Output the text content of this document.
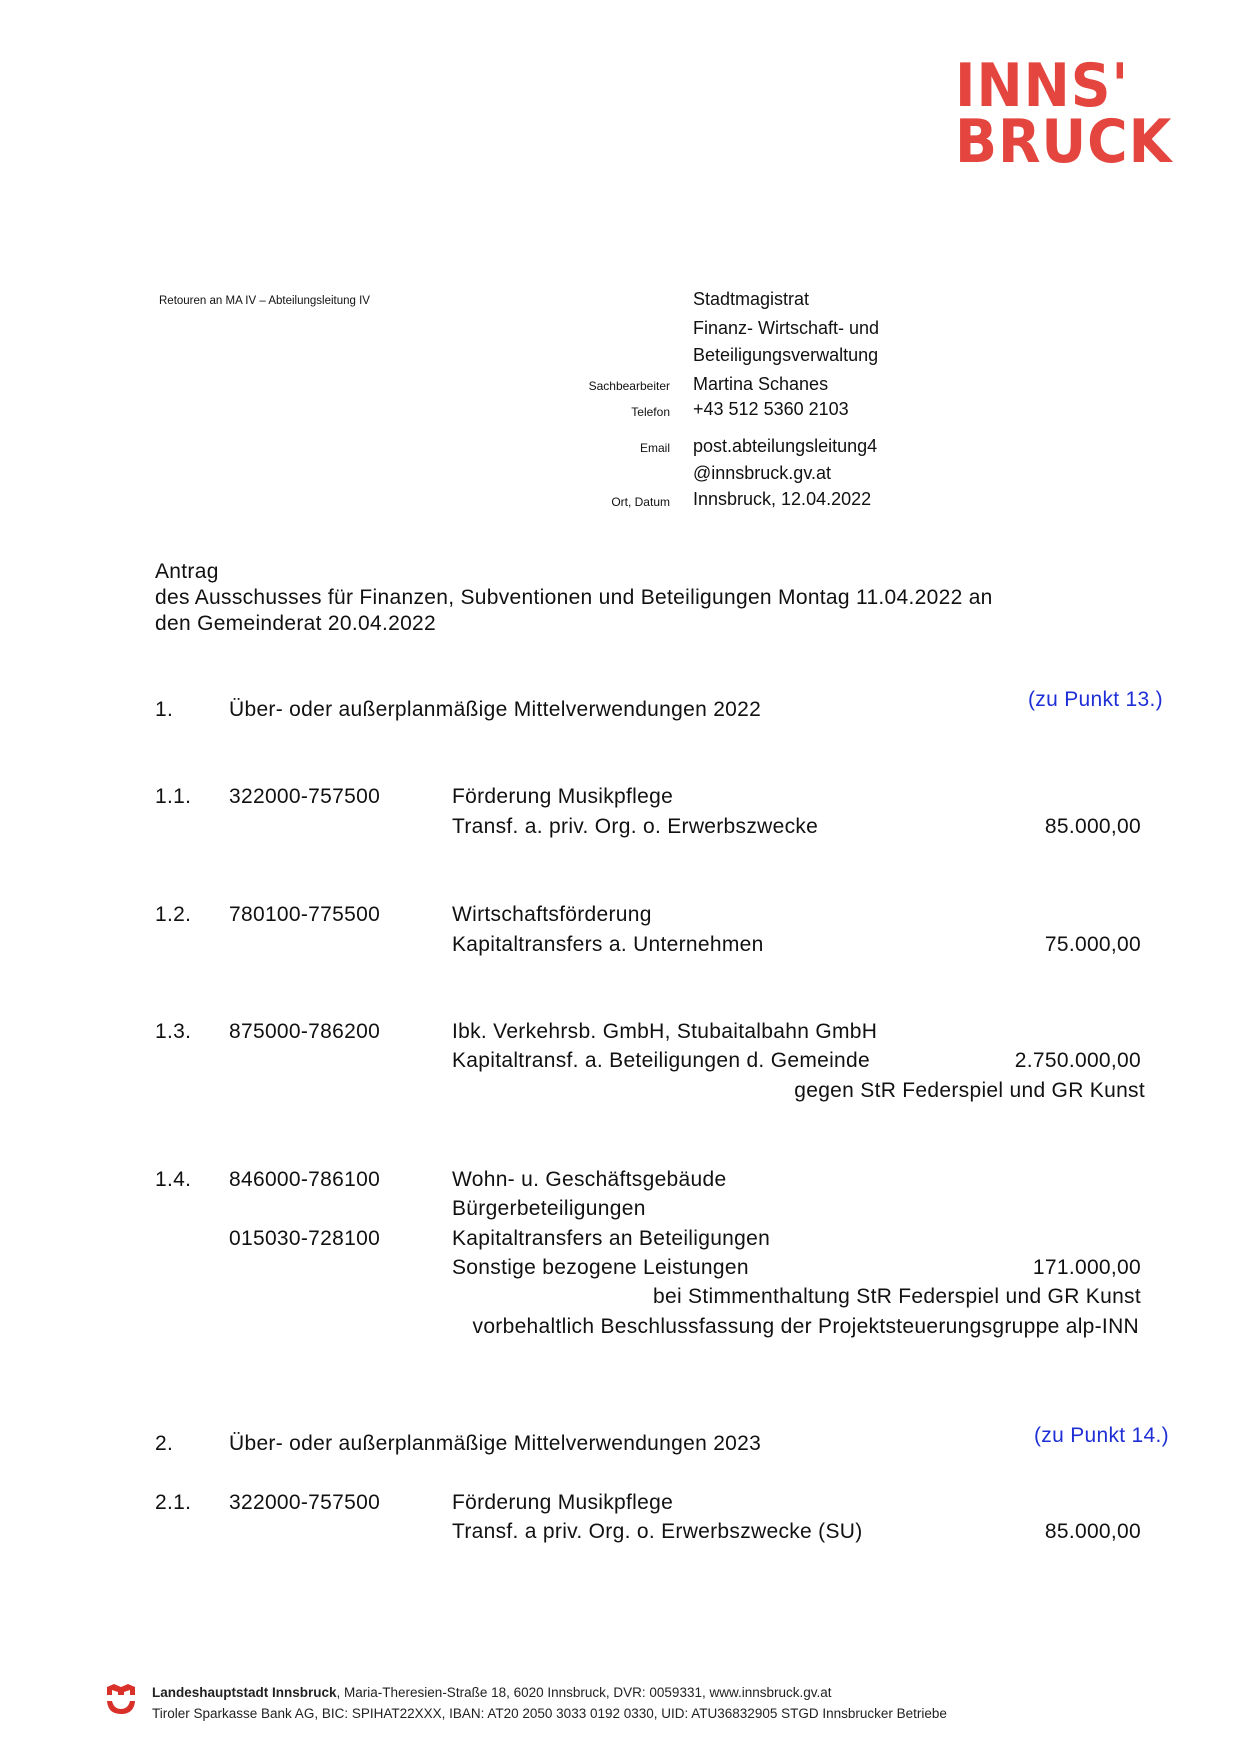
INNS'
BRUCK
Retouren an MA IV – Abteilungsleitung IV	Stadtmagistrat
Finanz- Wirtschaft- und
Beteiligungsverwaltung
Sachbearbeiter Martina Schanes
Telefon +43 512 5360 2103
Email post.abteilungsleitung4
@innsbruck.gv.at
Ort, Datum Innsbruck, 12.04.2022
Antrag
des Ausschusses für Finanzen, Subventionen und Beteiligungen Montag 11.04.2022 an
den Gemeinderat 20.04.2022
1.	Über- oder außerplanmäßige Mittelverwendungen 2022	(zu Punkt 13.)
1.1. 322000-757500	Förderung Musikpflege
Transf. a. priv. Org. o. Erwerbszwecke	85.000,00
1.2. 780100-775500	Wirtschaftsförderung
Kapitaltransfers a. Unternehmen	75.000,00
1.3. 875000-786200	Ibk. Verkehrsb. GmbH, Stubaitalbahn GmbH
Kapitaltransf. a. Beteiligungen d. Gemeinde	2.750.000,00
gegen StR Federspiel und GR Kunst
1.4. 846000-786100	Wohn- u. Geschäftsgebäude
Bürgerbeteiligungen
015030-728100	Kapitaltransfers an Beteiligungen
Sonstige bezogene Leistungen	171.000,00
bei Stimmenthaltung StR Federspiel und GR Kunst
vorbehaltlich Beschlussfassung der Projektsteuerungsgruppe alp-INN
2.	Über- oder außerplanmäßige Mittelverwendungen 2023	(zu Punkt 14.)
2.1. 322000-757500	Förderung Musikpflege
Transf. a priv. Org. o. Erwerbszwecke (SU)	85.000,00
Landeshauptstadt Innsbruck, Maria-Theresien-Straße 18, 6020 Innsbruck, DVR: 0059331, www.innsbruck.gv.at
Tiroler Sparkasse Bank AG, BIC: SPIHAT22XXX, IBAN: AT20 2050 3033 0192 0330, UID: ATU36832905 STGD Innsbrucker Betriebe
